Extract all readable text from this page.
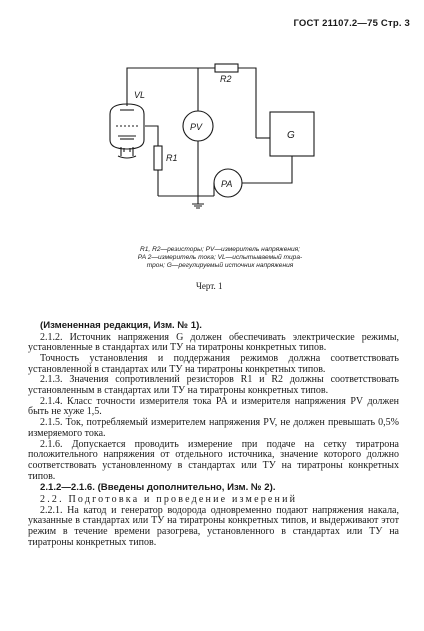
ГОСТ 21107.2—75 Стр. 3
VL
R1
R2
PV
PA
G
R1, R2—резисторы; PV—измеритель напряжения;
PA 2—измеритель тока; VL—испытываемый тира-
трон; G—регулируемый источник напряжения
Черт. 1

(Измененная редакция, Изм. № 1).

2.1.2. Источник напряжения G должен обеспечивать электрические режимы, установленные в стандартах или ТУ на тиратроны конкретных типов.

Точность установления и поддержания режимов должна соответствовать установленной в стандартах или ТУ на тиратроны конкретных типов.

2.1.3. Значения сопротивлений резисторов R1 и R2 должны соответствовать установленным в стандартах или ТУ на тиратроны конкретных типов.

2.1.4. Класс точности измерителя тока PA и измерителя напряжения PV должен быть не хуже 1,5.

2.1.5. Ток, потребляемый измерителем напряжения PV, не должен превышать 0,5% измеряемого тока.

2.1.6. Допускается проводить измерение при подаче на сетку тиратрона положительного напряжения от отдельного источника, значение которого должно соответствовать установленному в стандартах или ТУ на тиратроны конкретных типов.

2.1.2—2.1.6. (Введены дополнительно, Изм. № 2).

2.2. Подготовка и проведение измерений

2.2.1. На катод и генератор водорода одновременно подают напряжения накала, указанные в стандартах или ТУ на тиратроны конкретных типов, и выдерживают этот режим в течение времени разогрева, установленного в стандартах или ТУ на тиратроны конкретных типов.
